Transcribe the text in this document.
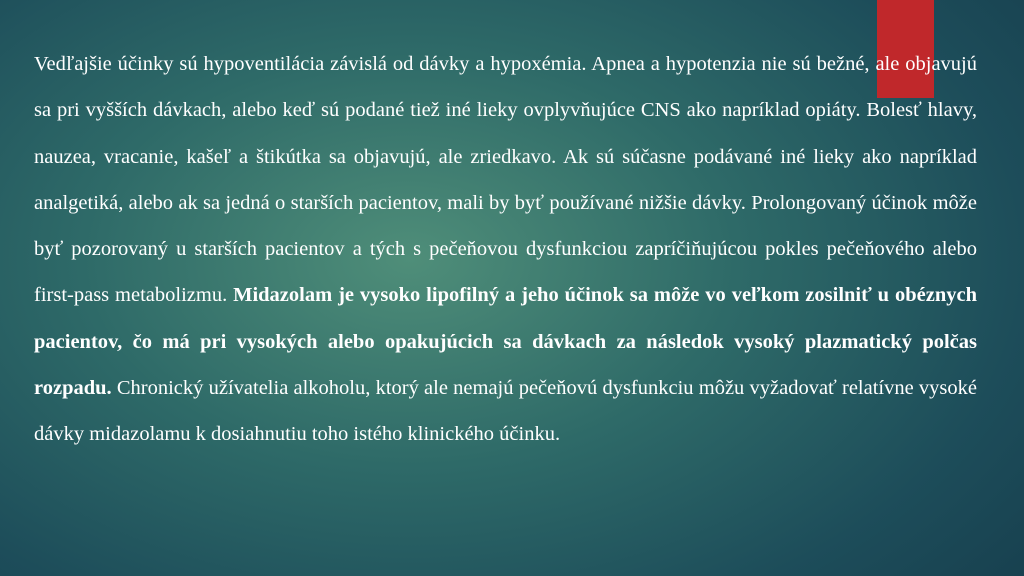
Vedľajšie účinky sú hypoventilácia závislá od dávky a hypoxémia. Apnea a hypotenzia nie sú bežné, ale objavujú sa pri vyšších dávkach, alebo keď sú podané tiež iné lieky ovplyvňujúce CNS ako napríklad opiáty. Bolesť hlavy, nauzea, vracanie, kašeľ a štikútka sa objavujú, ale zriedkavo. Ak sú súčasne podávané iné lieky ako napríklad analgetiká, alebo ak sa jedná o starších pacientov, mali by byť používané nižšie dávky. Prolongovaný účinok môže byť pozorovaný u starších pacientov a tých s pečeňovou dysfunkciou zapríčiňujúcou pokles pečeňového alebo first-pass metabolizmu. Midazolam je vysoko lipofilný a jeho účinok sa môže vo veľkom zosilniť u obéznych pacientov, čo má pri vysokých alebo opakujúcich sa dávkach za následok vysoký plazmatický polčas rozpadu. Chronický užívatelia alkoholu, ktorý ale nemajú pečeňovú dysfunkciu môžu vyžadovať relatívne vysoké dávky midazolamu k dosiahnutiu toho istého klinického účinku.
